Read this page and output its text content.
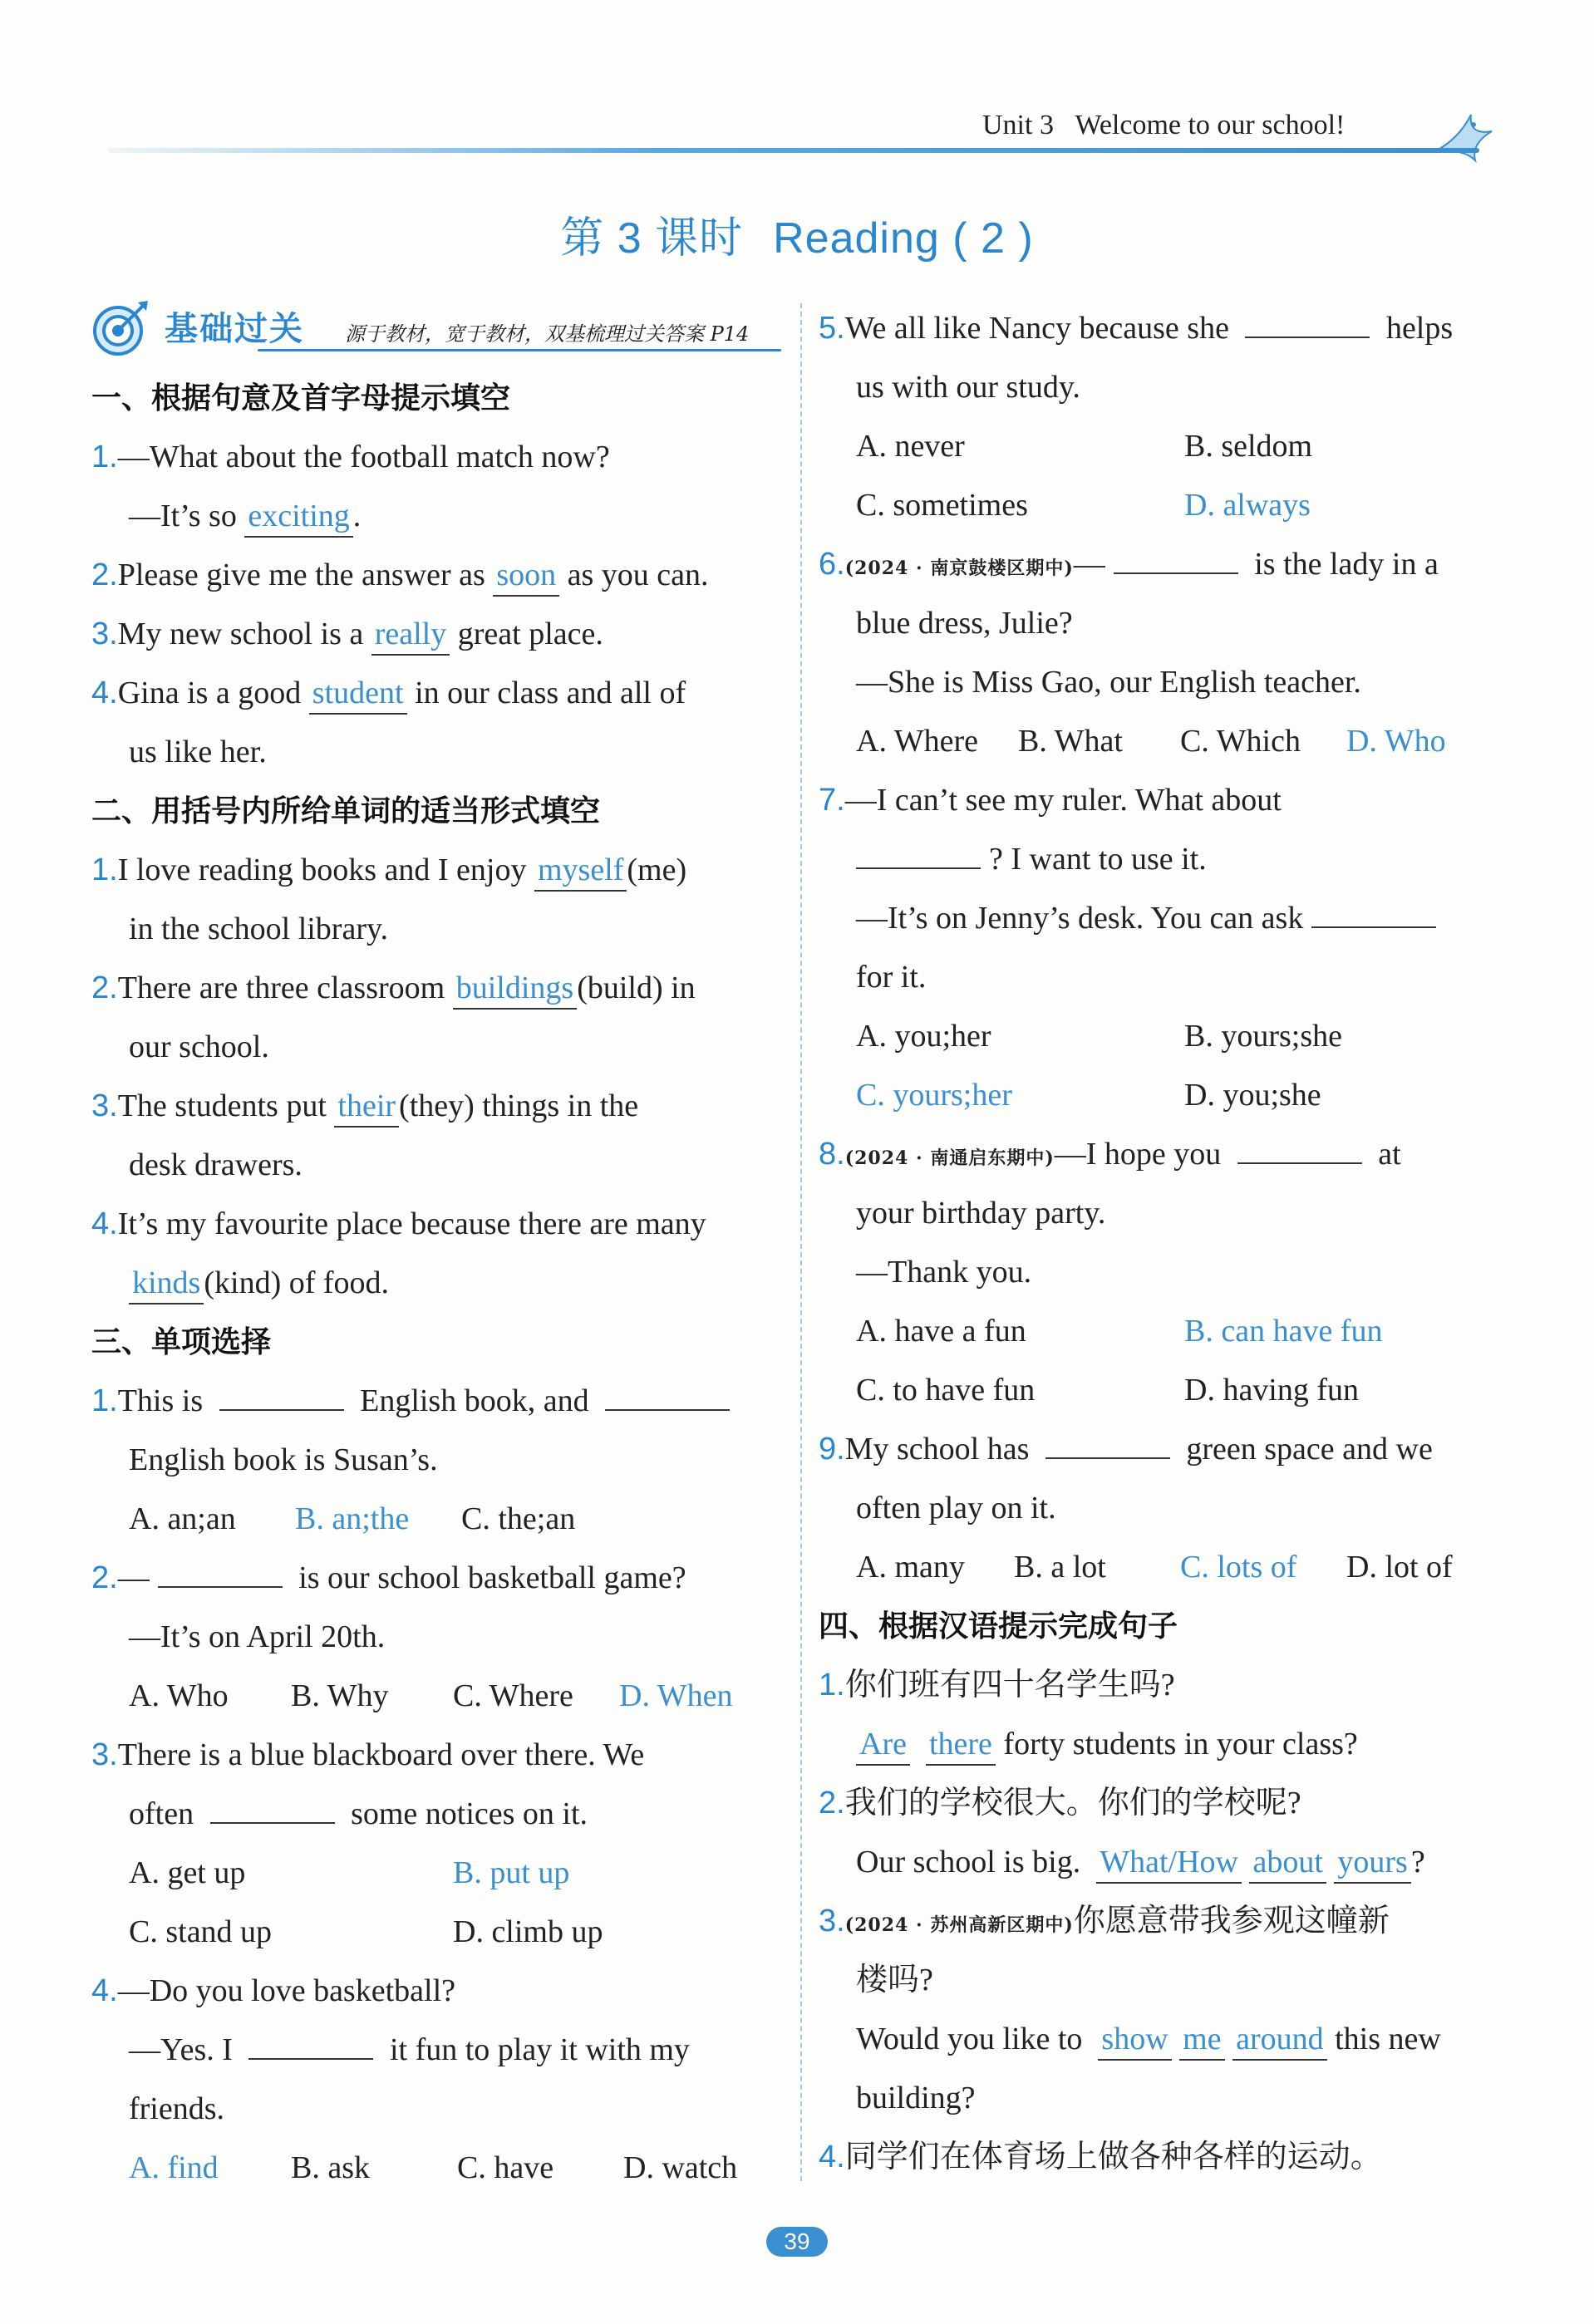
Unit 3 Welcome to our school!
第 3 课时 Reading ( 2 )
基础过关 源于教材，宽于教材，双基梳理过关答案 P14
一、根据句意及首字母提示填空
1.—What about the football match now?
—It’s so exciting .
2.Please give me the answer as soon as you can.
3.My new school is a really great place.
4.Gina is a good student in our class and all of
us like her.
二、用括号内所给单词的适当形式填空
1.I love reading books and I enjoy myself (me)
in the school library.
2.There are three classroom buildings (build) in
our school.
3.The students put their (they) things in the
desk drawers.
4.It’s my favourite place because there are many
kinds (kind) of food.
三、单项选择
1.This is	English book, and
English book is Susan’s.
A. an;an	B. an;the	C. the;an
2.—	is our school basketball game?
—It’s on April 20th.
A. Who	B. Why	C. Where	D. When
3.There is a blue blackboard over there. We
often	some notices on it.
A. get up	B. put up
C. stand up	D. climb up
4.—Do you love basketball?
—Yes. I	it fun to play it with my
friends.
A. find	B. ask	C. have	D. watch
5.We all like Nancy because she	helps
us with our study.
A. never	B. seldom
C. sometimes	D. always
6.(2024 · 南京鼓楼区期中)—	is the lady in a
blue dress, Julie?
—She is Miss Gao, our English teacher.
A. Where	B. What	C. Which	D. Who
7.—I can’t see my ruler. What about
? I want to use it.
—It’s on Jenny’s desk. You can ask
for it.
A. you;her	B. yours;she
C. yours;her	D. you;she
8.(2024 · 南通启东期中)—I hope you	at
your birthday party.
—Thank you.
A. have a fun	B. can have fun
C. to have fun	D. having fun
9.My school has	green space and we
often play on it.
A. many	B. a lot	C. lots of	D. lot of
四、根据汉语提示完成句子
1.你们班有四十名学生吗?
Are there forty students in your class?
2.我们的学校很大。你们的学校呢?
Our school is big. What/How about yours ?
3.(2024 · 苏州高新区期中)你愿意带我参观这幢新
楼吗?
Would you like to show me around this new
building?
4.同学们在体育场上做各种各样的运动。
39
